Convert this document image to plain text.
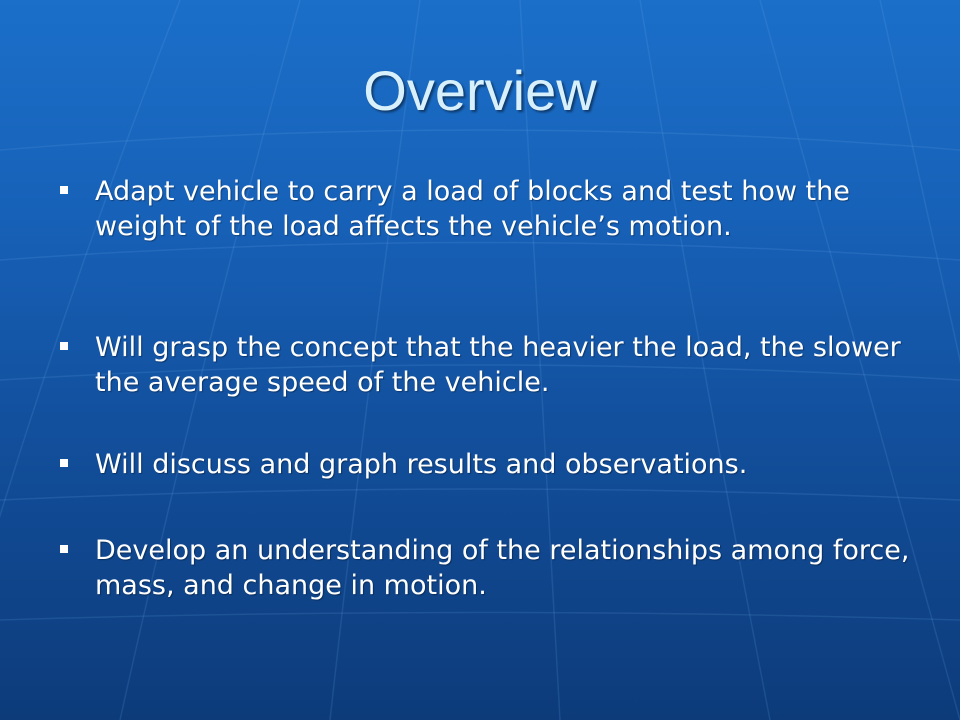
Overview
Adapt vehicle to carry a load of blocks and test how the weight of the load affects the vehicle’s motion.
Will grasp the concept that the heavier the load, the slower the average speed of the vehicle.
Will discuss and graph results and observations.
Develop an understanding of the relationships among force, mass, and change in motion.
